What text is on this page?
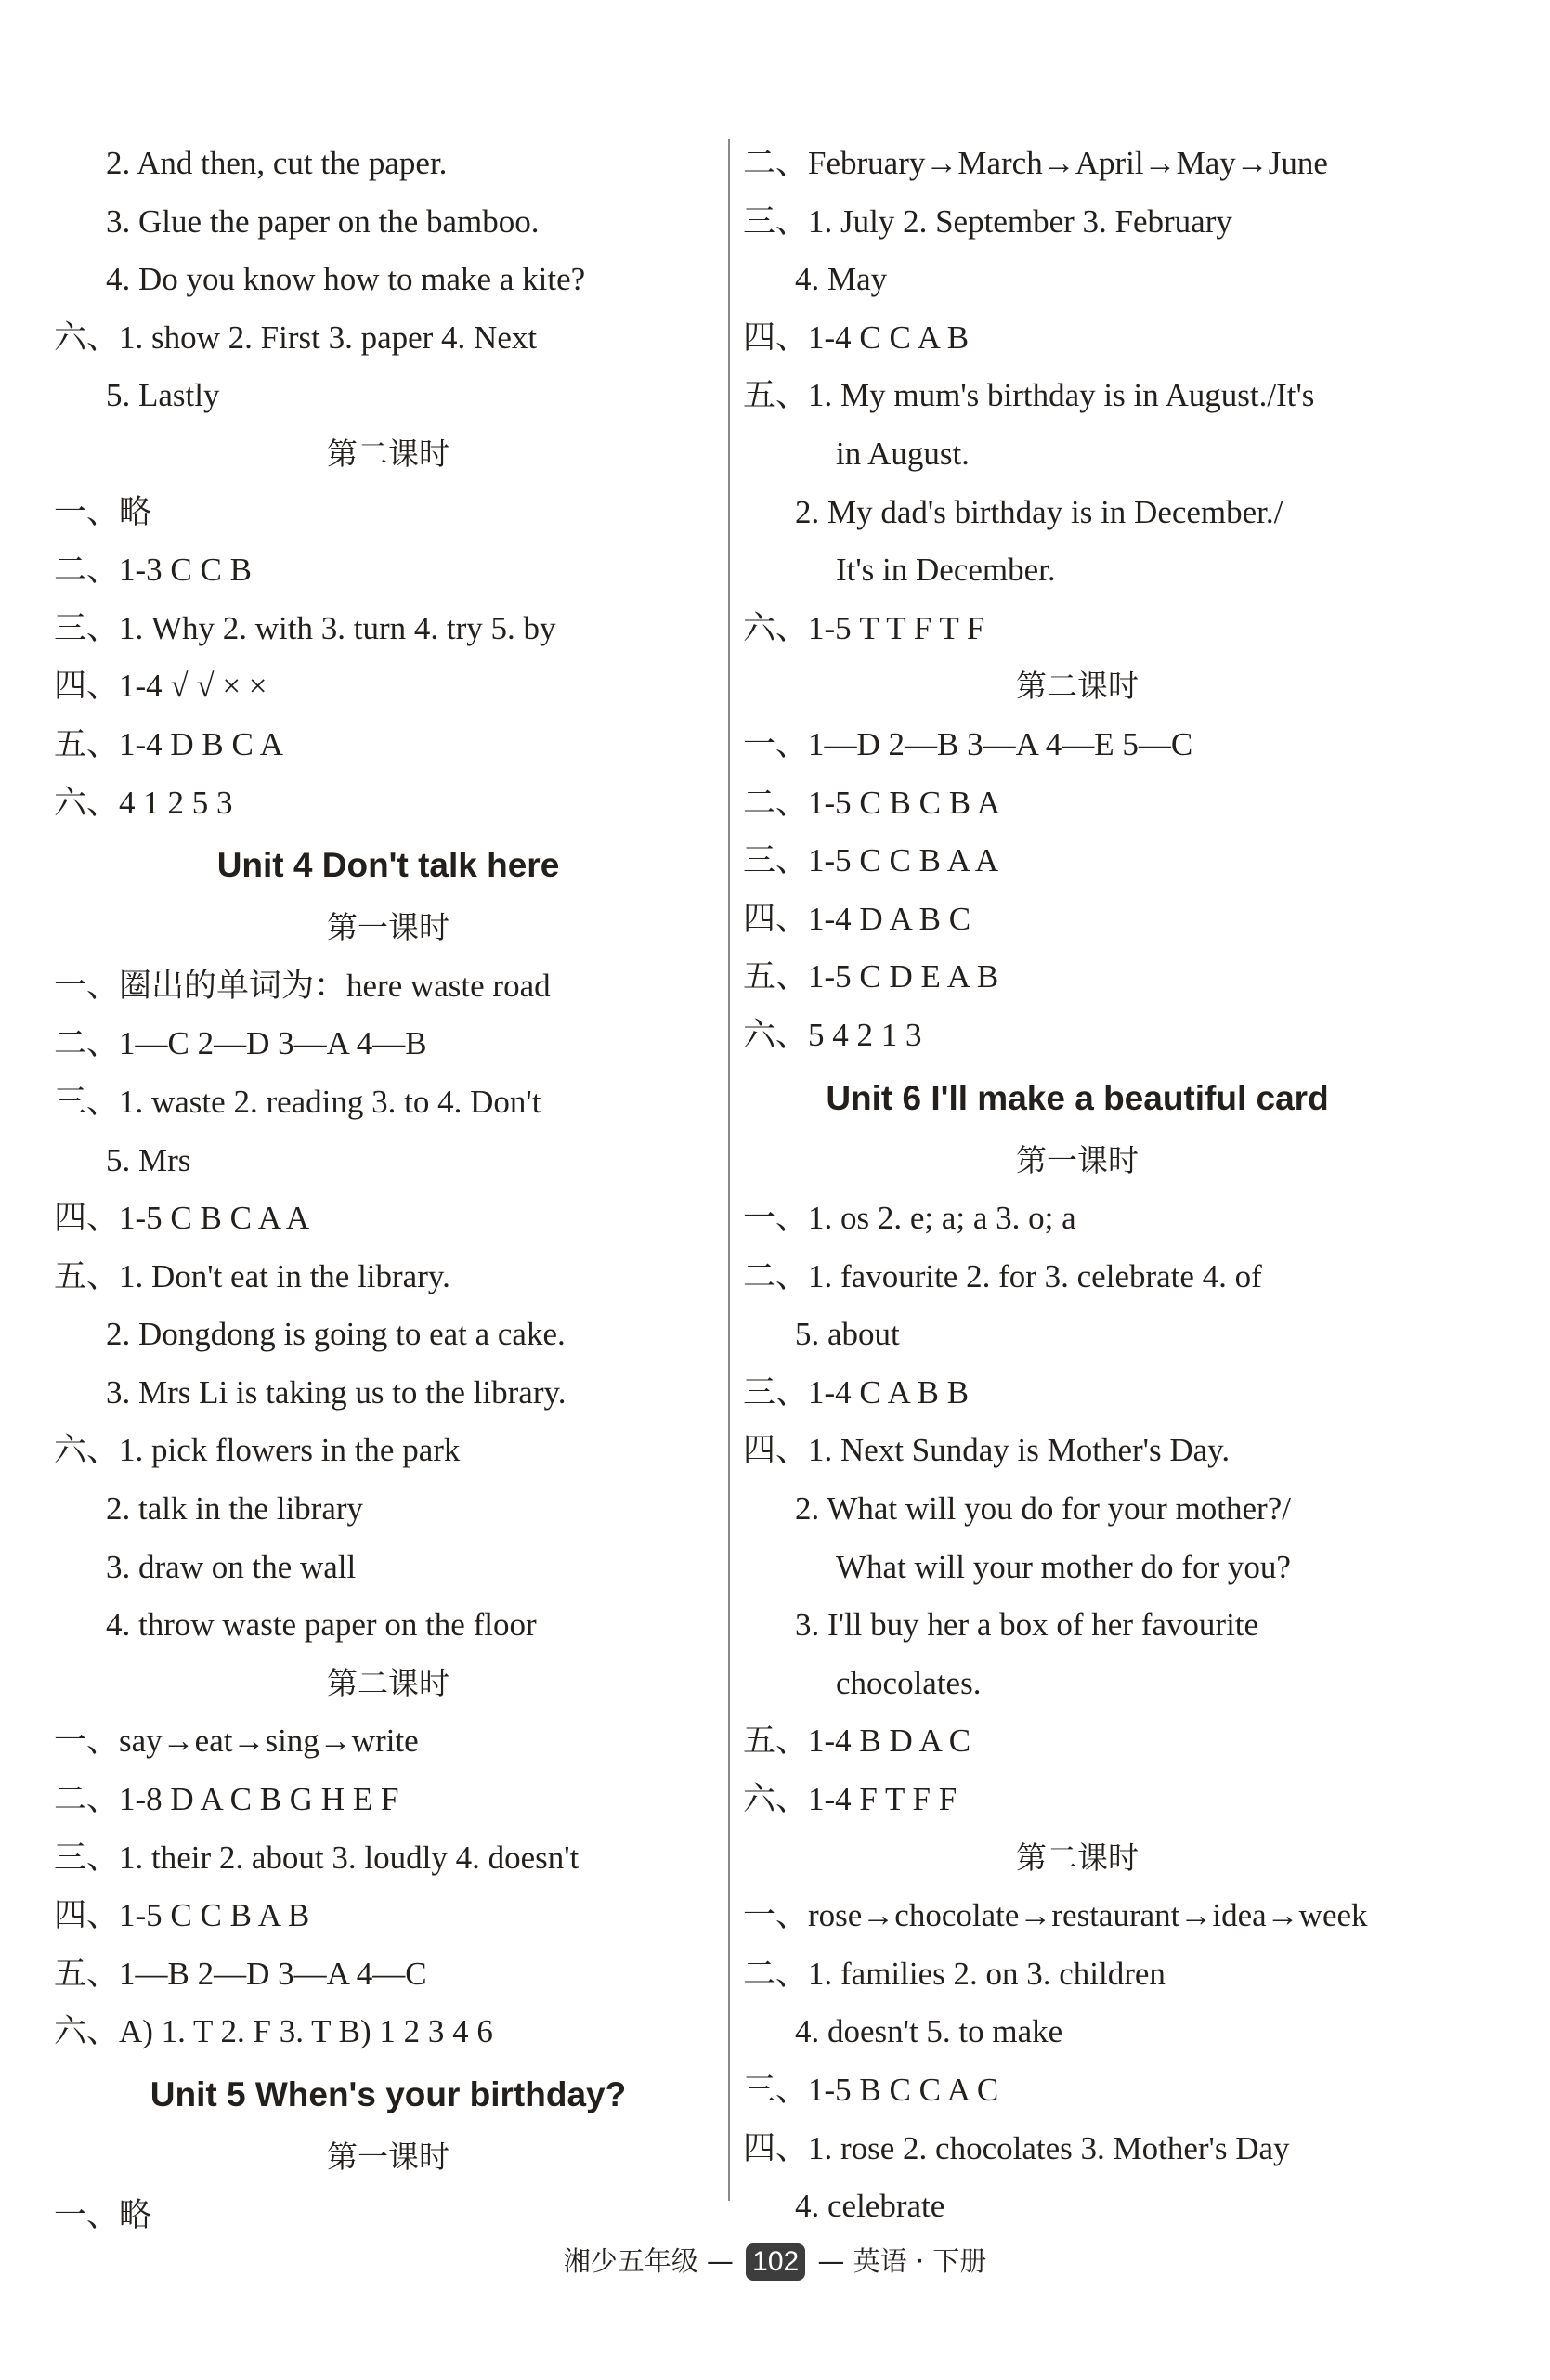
2. And then, cut the paper.
3. Glue the paper on the bamboo.
4. Do you know how to make a kite?
六、1. show 2. First 3. paper 4. Next
5. Lastly
第二课时
一、略
二、1-3 C C B
三、1. Why 2. with 3. turn 4. try 5. by
四、1-4 √ √ × ×
五、1-4 D B C A
六、4 1 2 5 3
Unit 4 Don't talk here
第一课时
一、圈出的单词为：here waste road
二、1—C 2—D 3—A 4—B
三、1. waste 2. reading 3. to 4. Don't
5. Mrs
四、1-5 C B C A A
五、1. Don't eat in the library.
2. Dongdong is going to eat a cake.
3. Mrs Li is taking us to the library.
六、1. pick flowers in the park
2. talk in the library
3. draw on the wall
4. throw waste paper on the floor
第二课时
一、say→eat→sing→write
二、1-8 D A C B G H E F
三、1. their 2. about 3. loudly 4. doesn't
四、1-5 C C B A B
五、1—B 2—D 3—A 4—C
六、A) 1. T 2. F 3. T B) 1 2 3 4 6
Unit 5 When's your birthday?
第一课时
一、略
二、February→March→April→May→June
三、1. July 2. September 3. February
4. May
四、1-4 C C A B
五、1. My mum's birthday is in August./It's
in August.
2. My dad's birthday is in December./
It's in December.
六、1-5 T T F T F
第二课时
一、1—D 2—B 3—A 4—E 5—C
二、1-5 C B C B A
三、1-5 C C B A A
四、1-4 D A B C
五、1-5 C D E A B
六、5 4 2 1 3
Unit 6 I'll make a beautiful card
第一课时
一、1. os 2. e; a; a 3. o; a
二、1. favourite 2. for 3. celebrate 4. of
5. about
三、1-4 C A B B
四、1. Next Sunday is Mother's Day.
2. What will you do for your mother?/
What will your mother do for you?
3. I'll buy her a box of her favourite
chocolates.
五、1-4 B D A C
六、1-4 F T F F
第二课时
一、rose→chocolate→restaurant→idea→week
二、1. families 2. on 3. children
4. doesn't 5. to make
三、1-5 B C C A C
四、1. rose 2. chocolates 3. Mother's Day
4. celebrate
湘少五年级 — 102 — 英语 · 下册
